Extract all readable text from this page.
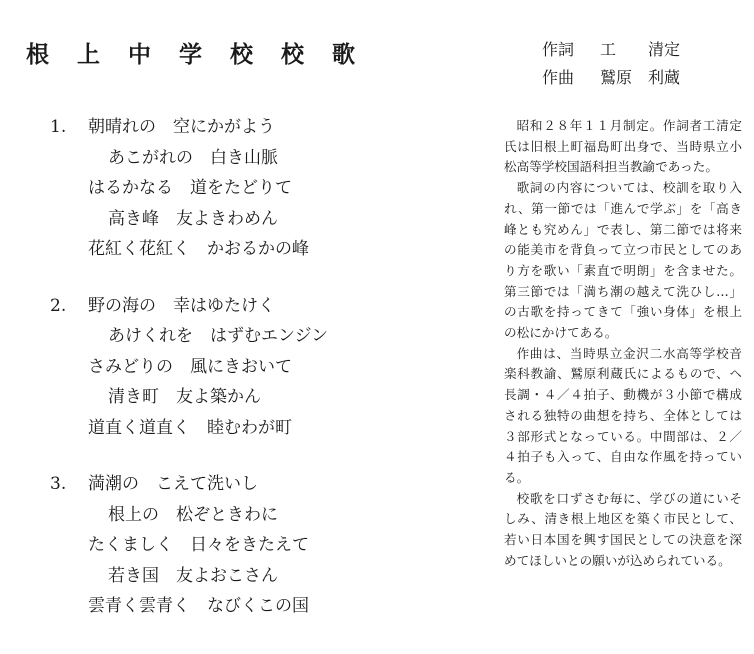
根 上 中 学 校 校 歌	作詞	工　　清定
作曲	鷲原　利蔵
1.	朝晴れの　空にかがよう
あこがれの　白き山脈
はるかなる　道をたどりて
高き峰　友よきわめん
花紅く花紅く　かおるかの峰
2.	野の海の　幸はゆたけく
あけくれを　はずむエンジン
さみどりの　風にきおいて
清き町　友よ築かん
道直く道直く　睦むわが町
3.	満潮の　こえて洗いし
根上の　松ぞときわに
たくましく　日々をきたえて
若き国　友よおこさん
雲青く雲青く　なびくこの国

昭和２８年１１月制定。作詞者工清定氏は旧根上町福島町出身で、当時県立小松高等学校国語科担当教諭であった。

歌詞の内容については、校訓を取り入れ、第一節では「進んで学ぶ」を「高き峰とも究めん」で表し、第二節では将来の能美市を背負って立つ市民としてのあり方を歌い「素直で明朗」を含ませた。第三節では「満ち潮の越えて洗ひし…」の古歌を持ってきて「強い身体」を根上の松にかけてある。

作曲は、当時県立金沢二水高等学校音楽科教諭、鷲原利蔵氏によるもので、ヘ長調・４／４拍子、動機が３小節で構成される独特の曲想を持ち、全体としては３部形式となっている。中間部は、２／４拍子も入って、自由な作風を持っている。

校歌を口ずさむ毎に、学びの道にいそしみ、清き根上地区を築く市民として、若い日本国を興す国民としての決意を深めてほしいとの願いが込められている。
